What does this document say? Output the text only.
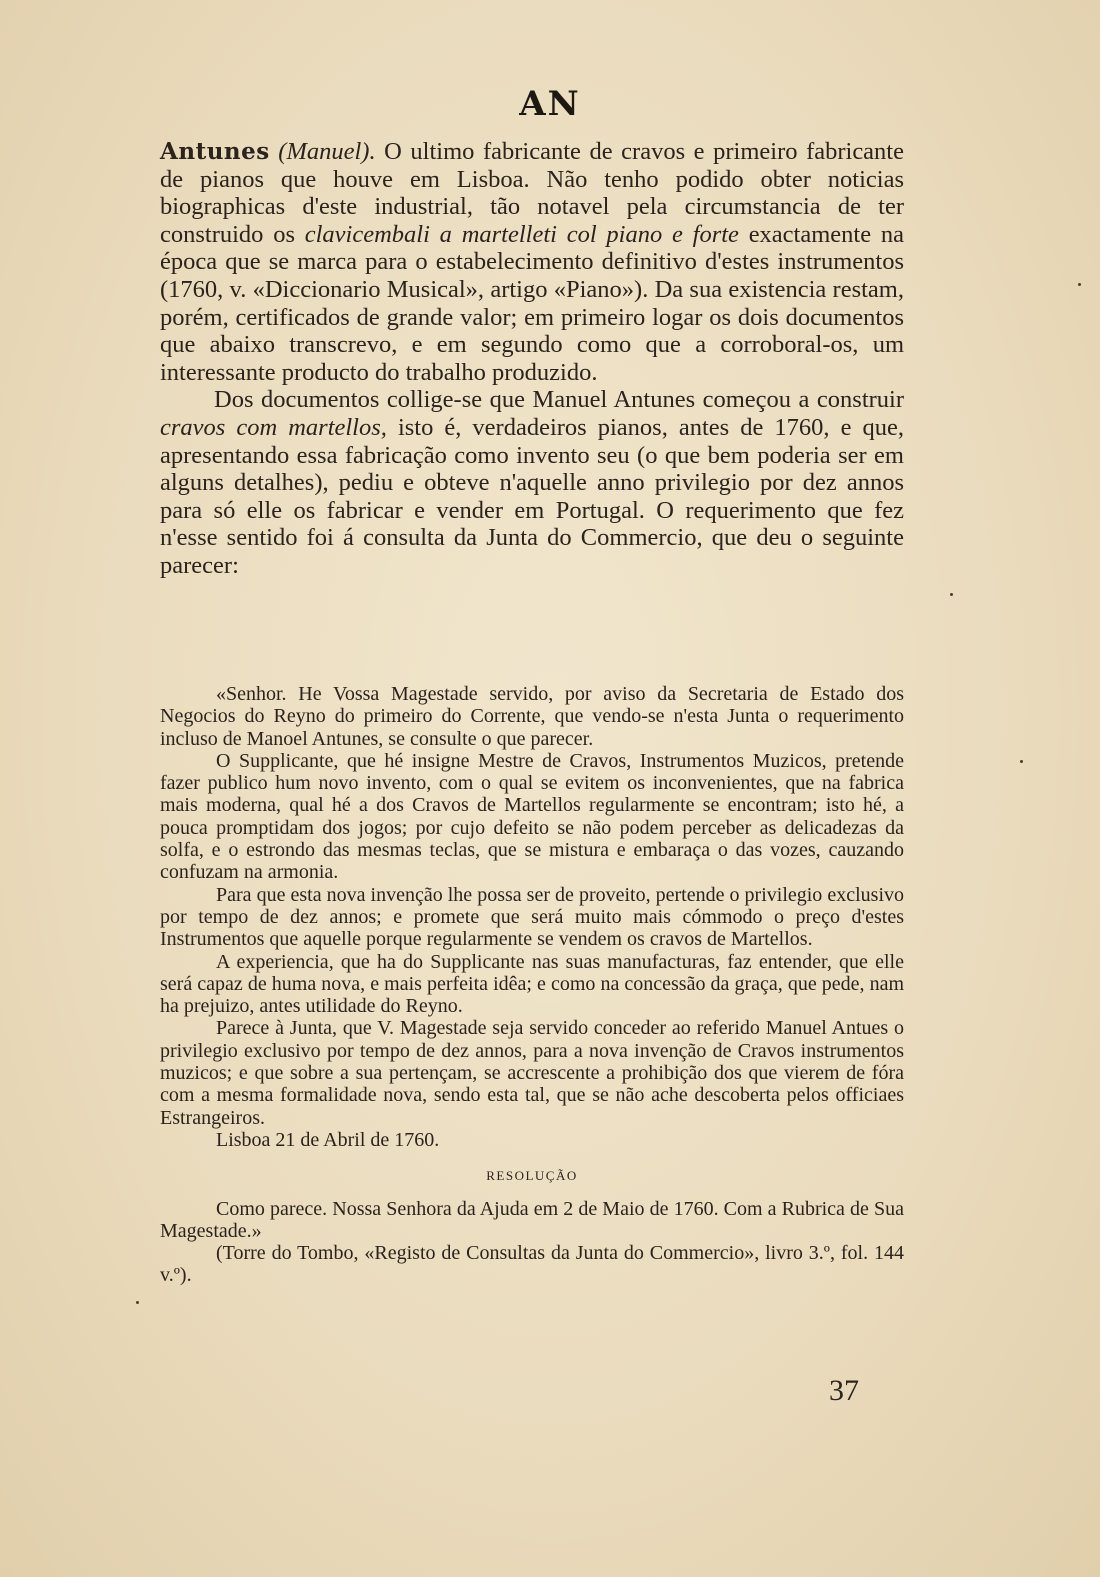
AN

Antunes (Manuel). O ultimo fabricante de cravos e primeiro fabricante de pianos que houve em Lisboa. Não tenho podido obter noticias biographicas d'este industrial, tão notavel pela circumstancia de ter construido os clavicembali a martelleti col piano e forte exactamente na época que se marca para o estabelecimento definitivo d'estes instrumentos (1760, v. «Diccionario Musical», artigo «Piano»). Da sua existencia restam, porém, certificados de grande valor; em primeiro logar os dois documentos que abaixo transcrevo, e em segundo como que a corroboral-os, um interessante producto do trabalho produzido.

Dos documentos collige-se que Manuel Antunes começou a construir cravos com martellos, isto é, verdadeiros pianos, antes de 1760, e que, apresentando essa fabricação como invento seu (o que bem poderia ser em alguns detalhes), pediu e obteve n'aquelle anno privilegio por dez annos para só elle os fabricar e vender em Portugal. O requerimento que fez n'esse sentido foi á consulta da Junta do Commercio, que deu o seguinte parecer:

«Senhor. He Vossa Magestade servido, por aviso da Secretaria de Estado dos Negocios do Reyno do primeiro do Corrente, que vendo-se n'esta Junta o requerimento incluso de Manoel Antunes, se consulte o que parecer.

O Supplicante, que hé insigne Mestre de Cravos, Instrumentos Muzicos, pretende fazer publico hum novo invento, com o qual se evitem os inconvenientes, que na fabrica mais moderna, qual hé a dos Cravos de Martellos regularmente se encontram; isto hé, a pouca promptidam dos jogos; por cujo defeito se não podem perceber as delicadezas da solfa, e o estrondo das mesmas teclas, que se mistura e embaraça o das vozes, cauzando confuzam na armonia.

Para que esta nova invenção lhe possa ser de proveito, pertende o privilegio exclusivo por tempo de dez annos; e promete que será muito mais cómmodo o preço d'estes Instrumentos que aquelle porque regularmente se vendem os cravos de Martellos.

A experiencia, que ha do Supplicante nas suas manufacturas, faz entender, que elle será capaz de huma nova, e mais perfeita idêa; e como na concessão da graça, que pede, nam ha prejuizo, antes utilidade do Reyno.

Parece à Junta, que V. Magestade seja servido conceder ao referido Manuel Antues o privilegio exclusivo por tempo de dez annos, para a nova invenção de Cravos instrumentos muzicos; e que sobre a sua pertençam, se accrescente a prohibição dos que vierem de fóra com a mesma formalidade nova, sendo esta tal, que se não ache descoberta pelos officiaes Estrangeiros.

Lisboa 21 de Abril de 1760.

RESOLUÇÃO

Como parece. Nossa Senhora da Ajuda em 2 de Maio de 1760. Com a Rubrica de Sua Magestade.»

(Torre do Tombo, «Registo de Consultas da Junta do Commercio», livro 3.º, fol. 144 v.º).

37
